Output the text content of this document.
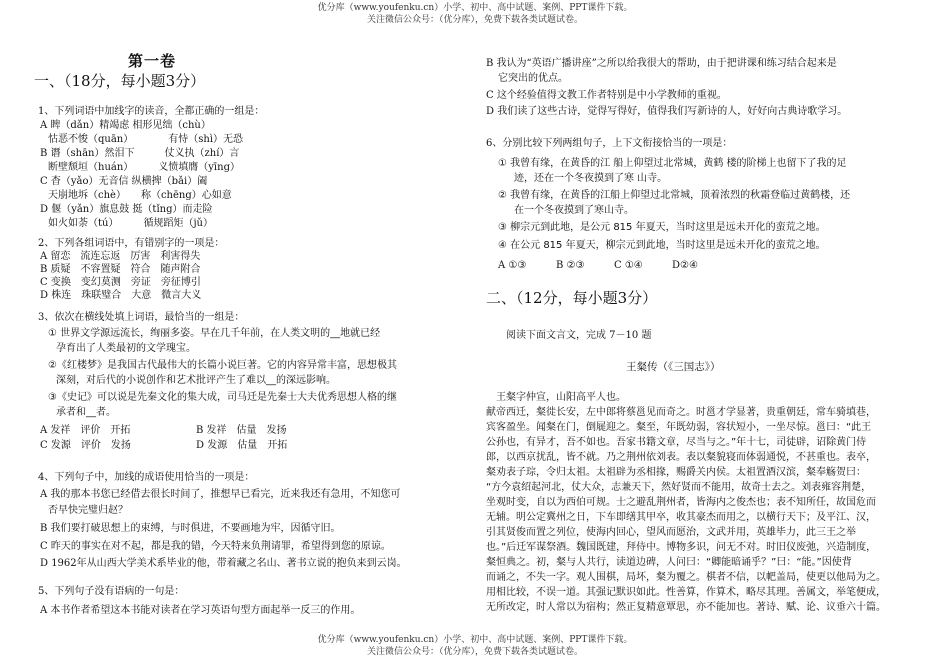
优分库（www.youfenku.cn）小学、初中、高中试题、案例、PPT课件下载。
关注微信公众号：（优分库），免费下载各类试题试卷。
第一卷
一、（18分，每小题3分）
1、下列词语中加线字的读音，全都正确的一组是：
A 睥（dǎn）精竭虑 相形见绌（chù）
怙恶不悛（quān）　　　　有恃（shì）无恐
B 谮（shān）然泪下　　　仗义执（zhí）言
断壁颓垣（huán）　　　义愤填膺（yīng）
C 杳（yǎo）无音信 纵横捭（bǎi）阖
天崩地坼（chè）　　称（chēng）心如意
D 偃（yǎn）旗息鼓 挺（tǐng）而走险
如火如荼（tú）　　　循规蹈矩（jǔ）
2、下列各组词语中，有错别字的一项是：
A 留恋　流连忘返　厉害　利害得失
B 质疑　不容置疑　符合　随声附合
C 变换　变幻莫测　旁证　旁征博引
D 株连　珠联璧合　大意　微言大义
3、依次在横线处填上词语，最恰当的一组是：
① 世界文学源远流长，绚丽多姿。早在几千年前，在人类文明的__地就已经
孕育出了人类最初的文学瑰宝。
②《红楼梦》是我国古代最伟大的长篇小说巨著。它的内容异常丰富，思想极其
深刻，对后代的小说创作和艺术批评产生了难以__的深远影响。
③《史记》可以说是先秦文化的集大成，司马迁是先秦士大夫优秀思想人格的继
承者和__者。
A 发祥　评价　开拓	B 发祥　估量　发扬
C 发源　评价　发扬	D 发源　估量　开拓
4、下列句子中，加线的成语使用恰当的一项是：
A 我的那本书您已经借去很长时间了，推想早已看完，近来我还有急用，不知您可
否早快完璧归赵？
B 我们要打破思想上的束缚，与时俱进，不要画地为牢，因循守旧。
C 昨天的事实在对不起，都是我的错，今天特来负荆请罪，希望得到您的原谅。
D 1962年从山西大学美术系毕业的他，带着藏之名山、著书立说的抱负来到云岗。
5、下列句子没有语病的一句是：
A 本书作者希望这本书能对读者在学习英语句型方面起举一反三的作用。
B 我认为“英语广播讲座”之所以给我很大的帮助，由于把讲课和练习结合起来是
它突出的优点。
C 这个经验值得文教工作者特别是中小学教师的重视。
D 我们读了这些古诗，觉得写得好，值得我们写新诗的人，好好向古典诗歌学习。
6、分别比较下列两组句子，上下文衔接恰当的一项是：
① 我曾有缘，在黄昏的江 船上仰望过北常城，黄鹤 楼的阶梯上也留下了我的足
迹，还在一个冬夜摸到了寒 山寺。
② 我曾有缘，在黄昏的江船上仰望过北常城，顶着浓烈的秋霜登临过黄鹤楼，还
在一个冬夜摸到了寒山寺。
③ 柳宗元到此地，是公元 815 年夏天，当时这里是远未开化的蛮荒之地。
④ 在公元 815 年夏天，柳宗元到此地，当时这里是远未开化的蛮荒之地。
A ①③	B ②③	C ①④	D②④
二、（12分，每小题3分）
阅读下面文言文，完成 7－10 题
王粲传（《三国志》）
王粲字仲宣，山阳高平人也。
献帝西迁，粲徙长安，左中郎将蔡邕见而奇之。时邕才学显著，贵重朝廷，常车骑填巷，
宾客盈坐。闻粲在门，倒屣迎之。粲至，年既幼弱，容状短小，一坐尽惊。邕曰：“此王
公孙也，有异才，吾不如也。吾家书籍文章，尽当与之。”年十七，司徒辟，诏除黄门侍
郎，以西京扰乱，皆不就。乃之荆州依刘表。表以粲貌寝而体弱通悦，不甚重也。表卒，
粲劝表子琮，令归太祖。太祖辟为丞相掾，赐爵关内侯。太祖置酒汉滨，粲奉觞贺曰：
“方今袁绍起河北，仗大众，志兼天下，然好贤而不能用，故奇士去之。刘表雍容荆楚，
坐观时变，自以为西伯可规。士之避乱荆州者，皆海内之俊杰也；表不知所任，故国危而
无辅。明公定冀州之日，下车即缮其甲卒，收其豪杰而用之，以横行天下；及平江、汉，
引其贤俊而置之列位，使海内回心，望风而愿治，文武并用，英雄毕力，此三王之举
也。”后迁军谋祭酒。魏国既建，拜侍中。博物多识，问无不对。时旧仪废弛，兴造制度，
粲恒典之。初，粲与人共行，读道边碑，人问曰：“卿能暗诵乎？”曰：“能。”因使背
而诵之，不失一字。观人围棋，局坏，粲为覆之。棋者不信，以帊盖局，使更以他局为之。
用相比较，不误一道。其强记默识如此。性善算，作算术，略尽其理。善属文，举笔便成，
无所改定，时人常以为宿构；然正复精意覃思，亦不能加也。著诗、赋、论、议垂六十篇。
优分库（www.youfenku.cn）小学、初中、高中试题、案例、PPT课件下载。
关注微信公众号：（优分库），免费下载各类试题试卷。
